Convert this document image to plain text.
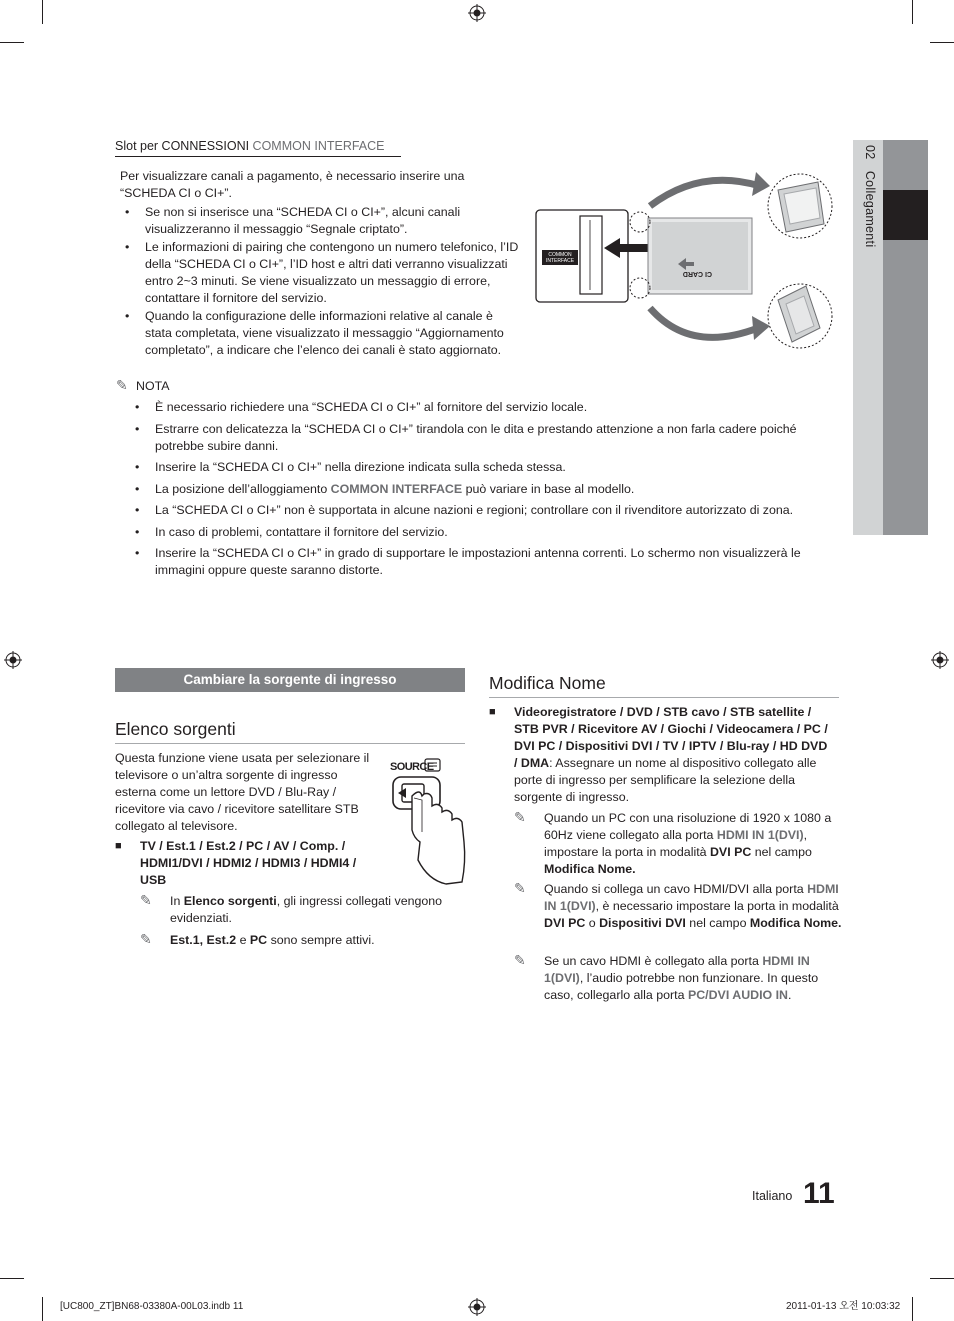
02   Collegamenti
Slot per CONNESSIONI COMMON INTERFACE
Per visualizzare canali a pagamento, è necessario inserire una “SCHEDA CI o CI+”.
• Se non si inserisce una “SCHEDA CI o CI+”, alcuni canali visualizzeranno il messaggio “Segnale criptato”.
• Le informazioni di pairing che contengono un numero telefonico, l’ID della “SCHEDA CI o CI+”, l’ID host e altri dati verranno visualizzati entro 2~3 minuti. Se viene visualizzato un messaggio di errore, contattare il fornitore del servizio.
• Quando la configurazione delle informazioni relative al canale è stata completata, viene visualizzato il messaggio “Aggiornamento completato”, a indicare che l’elenco dei canali è stato aggiornato.
COMMON
INTERFACE
CI CARD
✎ NOTA
• È necessario richiedere una “SCHEDA CI o CI+” al fornitore del servizio locale.
• Estrarre con delicatezza la “SCHEDA CI o CI+” tirandola con le dita e prestando attenzione a non farla cadere poiché potrebbe subire danni.
• Inserire la “SCHEDA CI o CI+” nella direzione indicata sulla scheda stessa.
• La posizione dell’alloggiamento COMMON INTERFACE può variare in base al modello.
• La “SCHEDA CI o CI+” non è supportata in alcune nazioni e regioni; controllare con il rivenditore autorizzato di zona.
• In caso di problemi, contattare il fornitore del servizio.
• Inserire la “SCHEDA CI o CI+” in grado di supportare le impostazioni antenna correnti. Lo schermo non visualizzerà le immagini oppure queste saranno distorte.
Cambiare la sorgente di ingresso
Elenco sorgenti
Questa funzione viene usata per selezionare il televisore o un’altra sorgente di ingresso esterna come un lettore DVD / Blu-Ray / ricevitore via cavo / ricevitore satellitare STB collegato al televisore.
SOURCE
■	TV / Est.1 / Est.2 / PC / AV / Comp. / HDMI1/DVI / HDMI2 / HDMI3 / HDMI4 / USB
✎	In Elenco sorgenti, gli ingressi collegati vengono evidenziati.
✎	Est.1, Est.2 e PC sono sempre attivi.
Modifica Nome
■	Videoregistratore / DVD / STB cavo / STB satellite / STB PVR / Ricevitore AV / Giochi / Videocamera / PC / DVI PC / Dispositivi DVI / TV / IPTV / Blu-ray / HD DVD / DMA: Assegnare un nome al dispositivo collegato alle porte di ingresso per semplificare la selezione della sorgente di ingresso.
✎	Quando un PC con una risoluzione di 1920 x 1080 a 60Hz viene collegato alla porta HDMI IN 1(DVI), impostare la porta in modalità DVI PC nel campo Modifica Nome.
✎	Quando si collega un cavo HDMI/DVI alla porta HDMI IN 1(DVI), è necessario impostare la porta in modalità DVI PC o Dispositivi DVI nel campo Modifica Nome.
✎	Se un cavo HDMI è collegato alla porta HDMI IN 1(DVI), l’audio potrebbe non funzionare. In questo caso, collegarlo alla porta PC/DVI AUDIO IN.
Italiano 11
[UC800_ZT]BN68-03380A-00L03.indb 11	2011-01-13 오전 10:03:32
